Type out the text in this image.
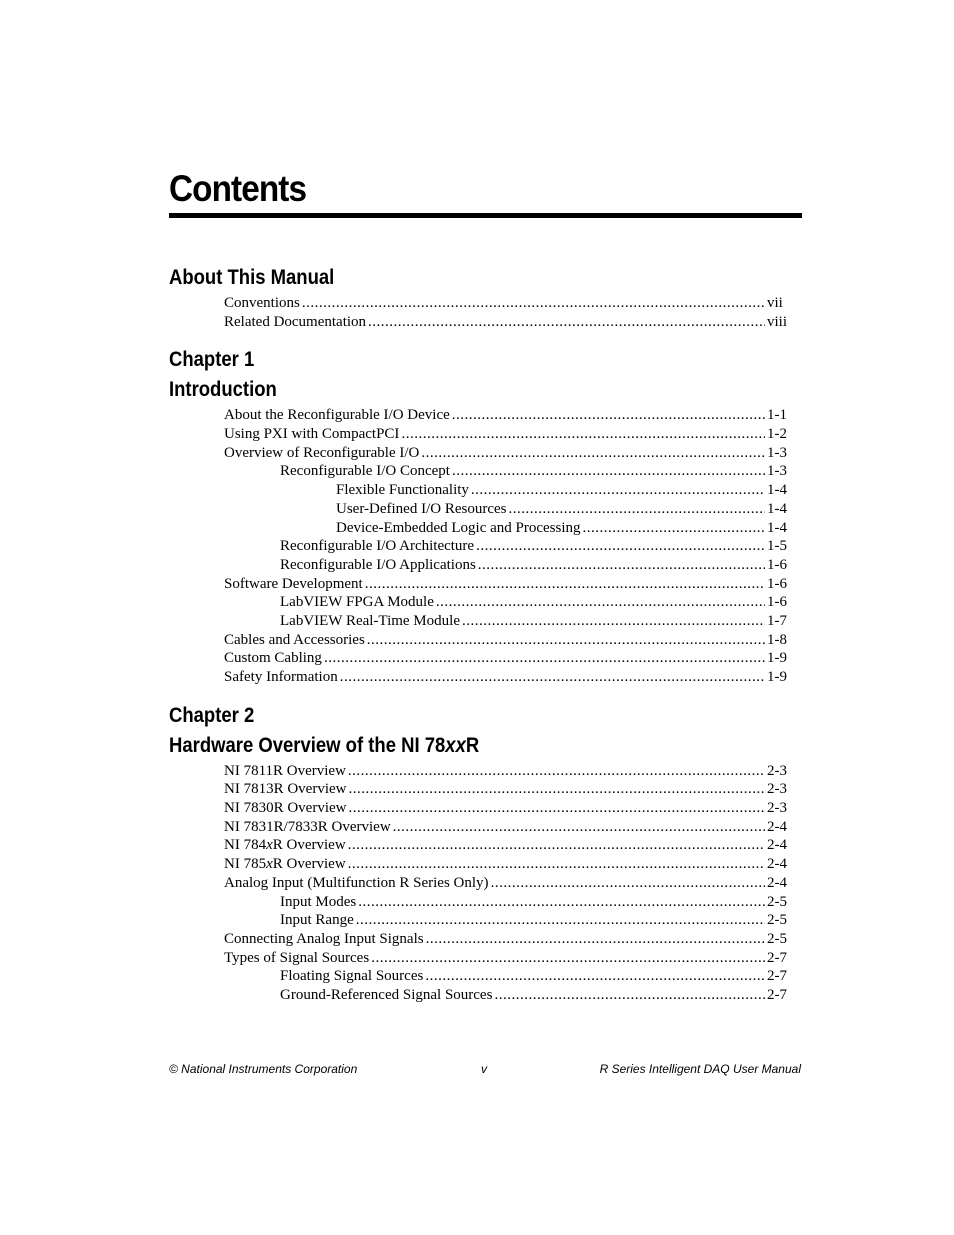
Contents
About This Manual
Conventions .....	vii
Related Documentation .....	viii
Chapter 1
Introduction
About the Reconfigurable I/O Device .....	1-1
Using PXI with CompactPCI .....	1-2
Overview of Reconfigurable I/O .....	1-3
Reconfigurable I/O Concept .....	1-3
Flexible Functionality .....	1-4
User-Defined I/O Resources .....	1-4
Device-Embedded Logic and Processing .....	1-4
Reconfigurable I/O Architecture .....	1-5
Reconfigurable I/O Applications .....	1-6
Software Development .....	1-6
LabVIEW FPGA Module .....	1-6
LabVIEW Real-Time Module .....	1-7
Cables and Accessories .....	1-8
Custom Cabling .....	1-9
Safety Information .....	1-9
Chapter 2
Hardware Overview of the NI 78xxR
NI 7811R Overview .....	2-3
NI 7813R Overview .....	2-3
NI 7830R Overview .....	2-3
NI 7831R/7833R Overview .....	2-4
NI 784xR Overview .....	2-4
NI 785xR Overview .....	2-4
Analog Input (Multifunction R Series Only) .....	2-4
Input Modes .....	2-5
Input Range .....	2-5
Connecting Analog Input Signals .....	2-5
Types of Signal Sources .....	2-7
Floating Signal Sources .....	2-7
Ground-Referenced Signal Sources .....	2-7
© National Instruments Corporation	v	R Series Intelligent DAQ User Manual
